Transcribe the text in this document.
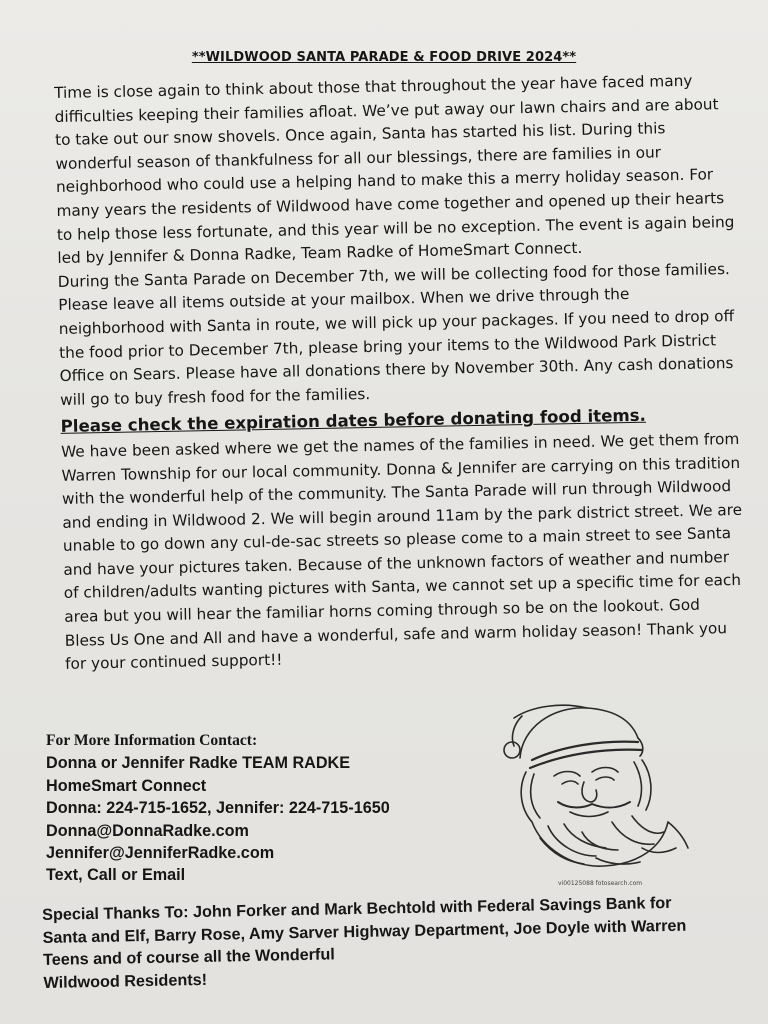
**WILDWOOD SANTA PARADE & FOOD DRIVE 2024**

Time is close again to think about those that throughout the year have faced many difficulties keeping their families afloat. We’ve put away our lawn chairs and are about to take out our snow shovels. Once again, Santa has started his list. During this wonderful season of thankfulness for all our blessings, there are families in our neighborhood who could use a helping hand to make this a merry holiday season. For many years the residents of Wildwood have come together and opened up their hearts to help those less fortunate, and this year will be no exception. The event is again being led by Jennifer & Donna Radke, Team Radke of HomeSmart Connect.

During the Santa Parade on December 7th, we will be collecting food for those families. Please leave all items outside at your mailbox. When we drive through the neighborhood with Santa in route, we will pick up your packages. If you need to drop off the food prior to December 7th, please bring your items to the Wildwood Park District Office on Sears. Please have all donations there by November 30th. Any cash donations will go to buy fresh food for the families.

Please check the expiration dates before donating food items.

We have been asked where we get the names of the families in need. We get them from Warren Township for our local community. Donna & Jennifer are carrying on this tradition with the wonderful help of the community. The Santa Parade will run through Wildwood and ending in Wildwood 2. We will begin around 11am by the park district street. We are unable to go down any cul-de-sac streets so please come to a main street to see Santa and have your pictures taken. Because of the unknown factors of weather and number of children/adults wanting pictures with Santa, we cannot set up a specific time for each area but you will hear the familiar horns coming through so be on the lookout. God Bless Us One and All and have a wonderful, safe and warm holiday season! Thank you for your continued support!!

For More Information Contact:
Donna or Jennifer Radke TEAM RADKE
HomeSmart Connect
Donna: 224-715-1652, Jennifer: 224-715-1650
Donna@DonnaRadke.com
Jennifer@JenniferRadke.com
Text, Call or Email	vi00125088 fotosearch.com
Special Thanks To: John Forker and Mark Bechtold with Federal Savings Bank for
Santa and Elf, Barry Rose, Amy Sarver Highway Department, Joe Doyle with Warren
Teens and of course all the Wonderful
Wildwood Residents!
